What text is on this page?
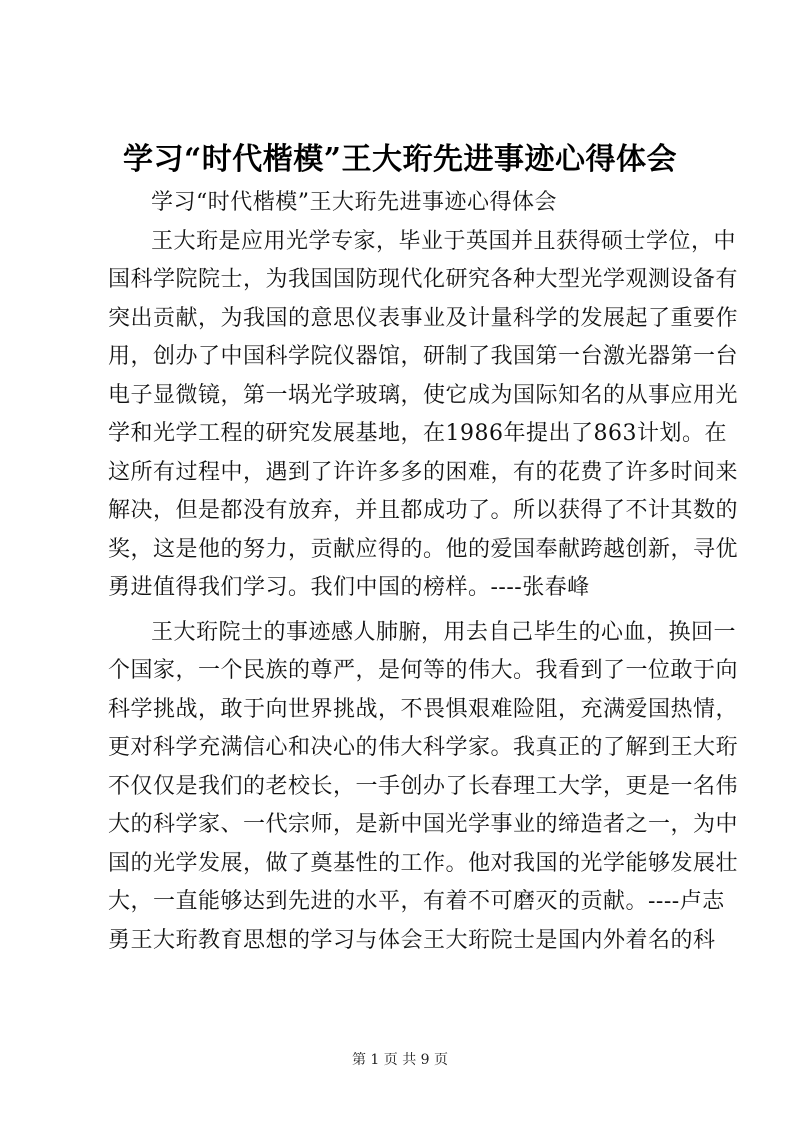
学习“时代楷模”王大珩先进事迹心得体会
学习“时代楷模”王大珩先进事迹心得体会
王大珩是应用光学专家，毕业于英国并且获得硕士学位，中
国科学院院士，为我国国防现代化研究各种大型光学观测设备有
突出贡献，为我国的意思仪表事业及计量科学的发展起了重要作
用，创办了中国科学院仪器馆，研制了我国第一台激光器第一台
电子显微镜，第一埚光学玻璃，使它成为国际知名的从事应用光
学和光学工程的研究发展基地，在1986年提出了863计划。在
这所有过程中，遇到了许许多多的困难，有的花费了许多时间来
解决，但是都没有放弃，并且都成功了。所以获得了不计其数的
奖，这是他的努力，贡献应得的。他的爱国奉献跨越创新，寻优
勇进值得我们学习。我们中国的榜样。----张春峰
王大珩院士的事迹感人肺腑，用去自己毕生的心血，换回一
个国家，一个民族的尊严，是何等的伟大。我看到了一位敢于向
科学挑战，敢于向世界挑战，不畏惧艰难险阻，充满爱国热情，
更对科学充满信心和决心的伟大科学家。我真正的了解到王大珩
不仅仅是我们的老校长，一手创办了长春理工大学，更是一名伟
大的科学家、一代宗师，是新中国光学事业的缔造者之一，为中
国的光学发展，做了奠基性的工作。他对我国的光学能够发展壮
大，一直能够达到先进的水平，有着不可磨灭的贡献。----卢志
勇王大珩教育思想的学习与体会王大珩院士是国内外着名的科
第 1 页 共 9 页
